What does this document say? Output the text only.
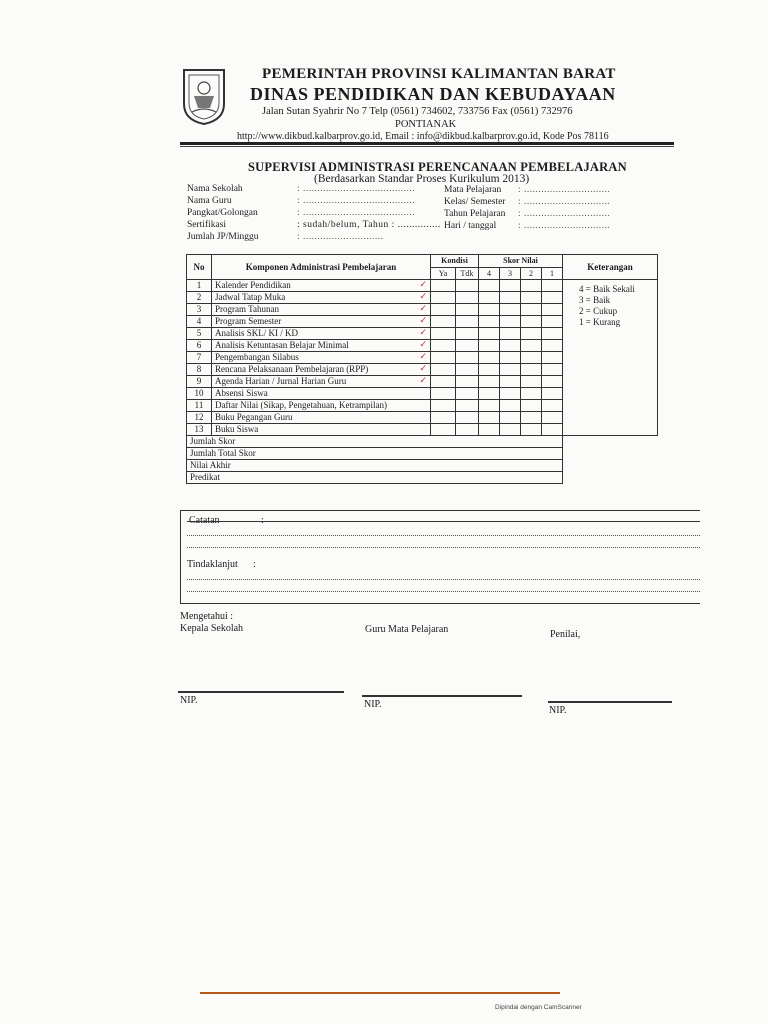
PEMERINTAH PROVINSI KALIMANTAN BARAT
DINAS PENDIDIKAN DAN KEBUDAYAAN
Jalan Sutan Syahrir No 7 Telp (0561) 734602, 733756 Fax (0561) 732976
PONTIANAK
http://www.dikbud.kalbarprov.go.id, Email : info@dikbud.kalbarprov.go.id, Kode Pos 78116
SUPERVISI ADMINISTRASI PERENCANAAN PEMBELAJARAN
(Berdasarkan Standar Proses Kurikulum 2013)
Nama Sekolah	: .......................................
Nama Guru	: .......................................
Pangkat/Golongan	: .......................................
Sertifikasi	: sudah/belum, Tahun : ...............
Jumlah JP/Minggu	: ............................
Mata Pelajaran : ..............................
Kelas/ Semester : ..............................
Tahun Pelajaran : ..............................
Hari / tanggal : ..............................
No	Komponen Administrasi Pembelajaran	Kondisi		Skor Nilai				Keterangan
		Ya	Tdk	4	3	2	1	
1	Kalender Pendidikan ✓							

2	Jadwal Tatap Muka ✓							

3	Program Tahunan ✓							

4	Program Semester ✓							

5	Analisis SKL/ KI / KD ✓							

6	Analisis Ketuntasan Belajar Minimal ✓							

7	Pengembangan Silabus ✓							

8	Rencana Pelaksanaan Pembelajaran (RPP) ✓							

9	Agenda Harian / Jurnal Harian Guru ✓							

10	Absensi Siswa							
11	Daftar Nilai (Sikap, Pengetahuan, Ketrampilan)							
12	Buku Pegangan Guru							
13	Buku Siswa							
Jumlah Skor								
Jumlah Total Skor								
Nilai Akhir								
Predikat								
4 = Baik Sekali
3 = Baik
2 = Cukup
1 = Kurang
Tindaklanjut :
Mengetahui :
Kepala Sekolah	Guru Mata Pelajaran	Penilai,
NIP.	NIP.
NIP.
Dipindai dengan CamScanner
